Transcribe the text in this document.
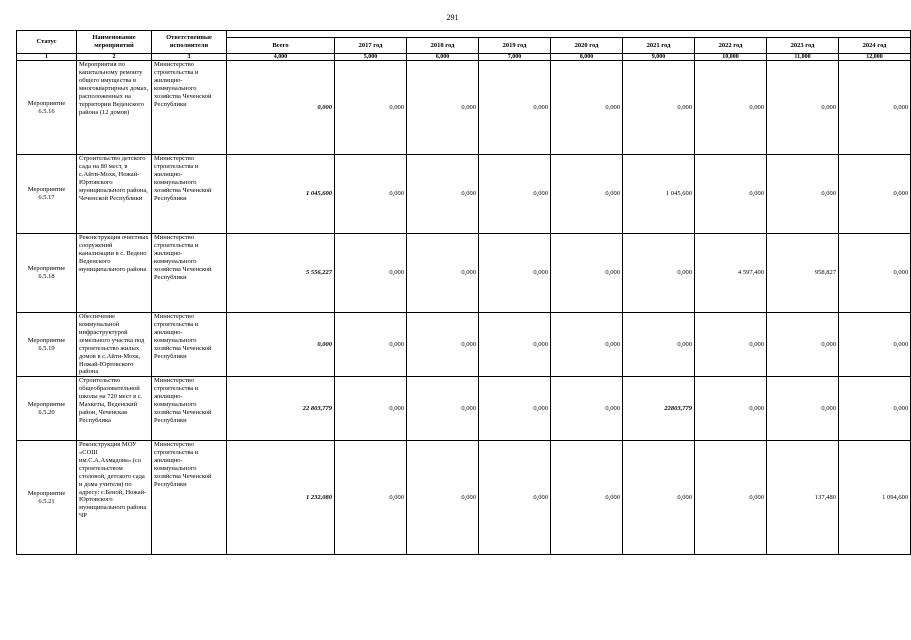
291
Статус	Наименование мероприятий	Ответственные исполнители									
			Всего	2017 год	2018 год	2019 год	2020 год	2021 год	2022 год	2023 год	2024 год
1	2	3	4,000	5,000	6,000	7,000	8,000	9,000	10,000	11,000	12,000

Мероприятие
6.5.16	Мероприятия по капитальному ремонту общего имущества в многоквартирных домах, расположенных на территории Веденского района (12 домов)	Министерство строительства и жилищно-коммунального хозяйства Чеченской Республики	0,000	0,000	0,000	0,000	0,000	0,000	0,000	0,000	0,000

Мероприятие
6.5.17	Строительство детского сада на 80 мест, в с.Айти-Мохк, Ножай-Юртовского муниципального района, Чеченской Республики	Министерство строительства и жилищно-коммунального хозяйства Чеченской Республики	1 045,600	0,000	0,000	0,000	0,000	1 045,600	0,000	0,000	0,000

Мероприятие
6.5.18	Реконструкция очистных сооружений канализации в с. Ведено Веденского муниципального района	Министерство строительства и жилищно-коммунального хозяйства Чеченской Республики	5 556,227	0,000	0,000	0,000	0,000	0,000	4 597,400	958,827	0,000

Мероприятие
6.5.19	Обеспечение коммунальной инфраструктурой земельного участка под строительство жилых домов в с.Айти-Мохк, Ножай-Юртовского района	Министерство строительства и жилищно-коммунального хозяйства Чеченской Республики	0,000	0,000	0,000	0,000	0,000	0,000	0,000	0,000	0,000

Мероприятие
6.5.20	Строительство общеобразовательной школы на 720 мест в с. Махкеты, Веденский район, Чеченская Республика	Министерство строительства и жилищно-коммунального хозяйства Чеченской Республики	22 803,779	0,000	0,000	0,000	0,000	22803,779	0,000	0,000	0,000

Мероприятие
6.5.21	Реконструкция МОУ «СОШ им.С.А.Ахмадова» (со строительством столовой, детского сада и дома учителя) по адресу: с.Беной, Ножай-Юртовского муниципального района ЧР	Министерство строительства и жилищно-коммунального хозяйства Чеченской Республики	1 232,080	0,000	0,000	0,000	0,000	0,000	0,000	137,480	1 094,600
